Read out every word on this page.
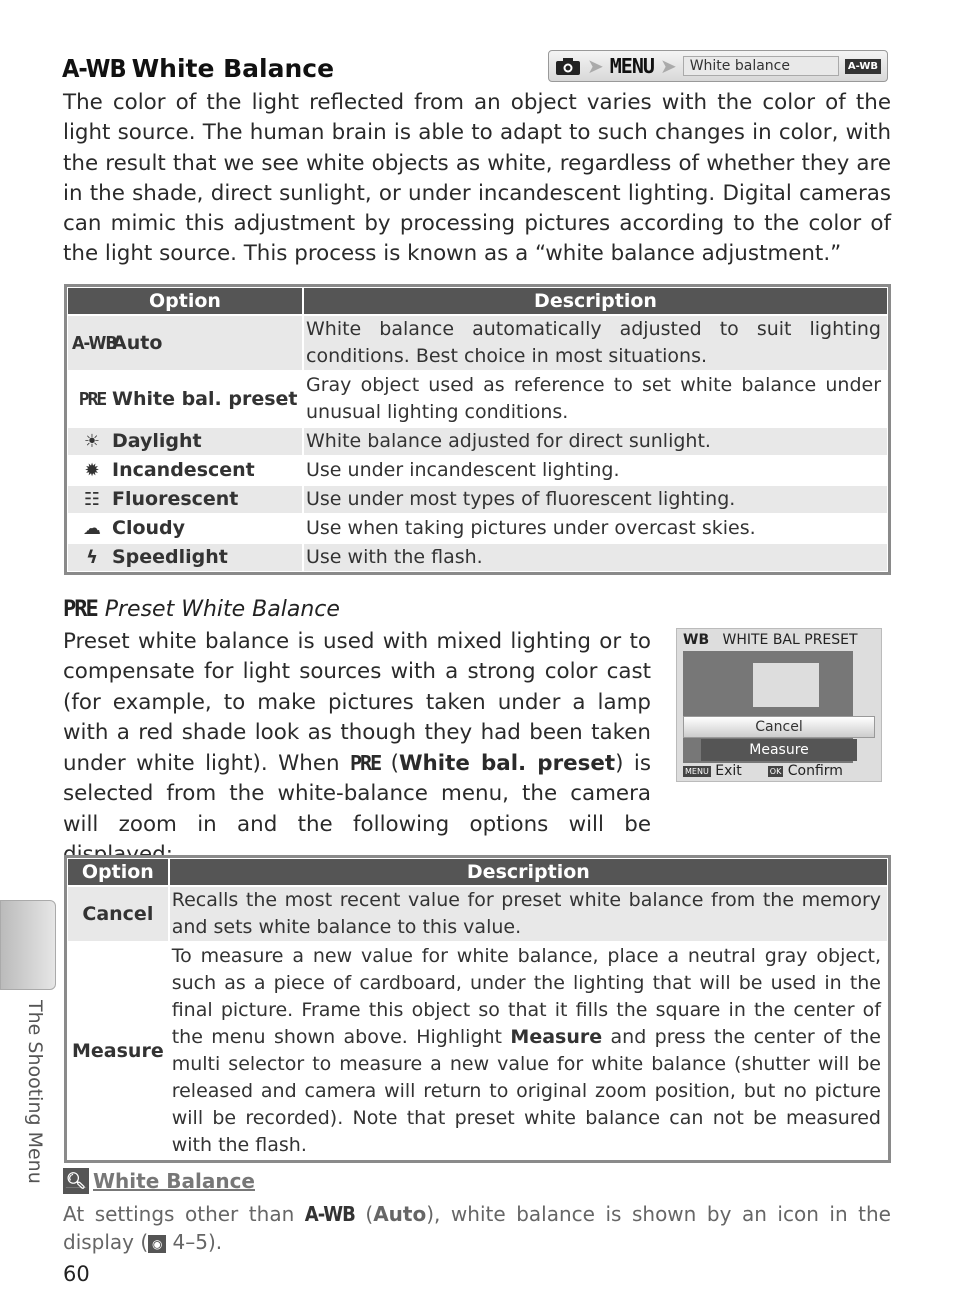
A-WB White Balance	➤ MENU ➤ White balance	A-WB
The color of the light reflected from an object varies with the color of the light source. The human brain is able to adapt to such changes in color, with the result that we see white objects as white, regardless of whether they are in the shade, direct sunlight, or under incandescent lighting. Digital cameras can mimic this adjustment by processing pictures according to the color of the light source. This process is known as a “white balance adjustment.”
Option	Description
A-WBAuto	White balance automatically adjusted to suit lighting conditions. Best choice in most situations.
PRE White bal. preset	Gray object used as reference to set white balance under unusual lighting conditions.
☀ Daylight	White balance adjusted for direct sunlight.
✹ Incandescent	Use under incandescent lighting.
☷ Fluorescent	Use under most types of fluorescent lighting.
☁ Cloudy	Use when taking pictures under overcast skies.
ϟ Speedlight	Use with the flash.
PRE Preset White Balance
Preset white balance is used with mixed lighting or to compensate for light sources with a strong color cast (for example, to make pictures taken under a lamp with a red shade look as though they had been taken under white light). When PRE (White bal. preset) is selected from the white-balance menu, the camera will zoom in and the following options will be
WB WHITE BAL PRESET
Cancel
Measure
MENU Exit	OK Confirm
Option	Description
Cancel	Recalls the most recent value for preset white balance from the memory and sets white balance to this value.
Measure	To measure a new value for white balance, place a neutral gray object, such as a piece of cardboard, under the lighting that will be used in the final picture. Frame this object so that it fills the square in the center of the menu shown above. Highlight Measure and press the center of the multi selector to measure a new value for white balance (shutter will be released and camera will return to original zoom position, but no picture will be recorded). Note that preset white balance can not be measured with the flash.
The Shooting Menu 🔍︎ White Balance
At settings other than A-WB (Auto), white balance is shown by an icon in the display ( ◉ 4–5).
60
